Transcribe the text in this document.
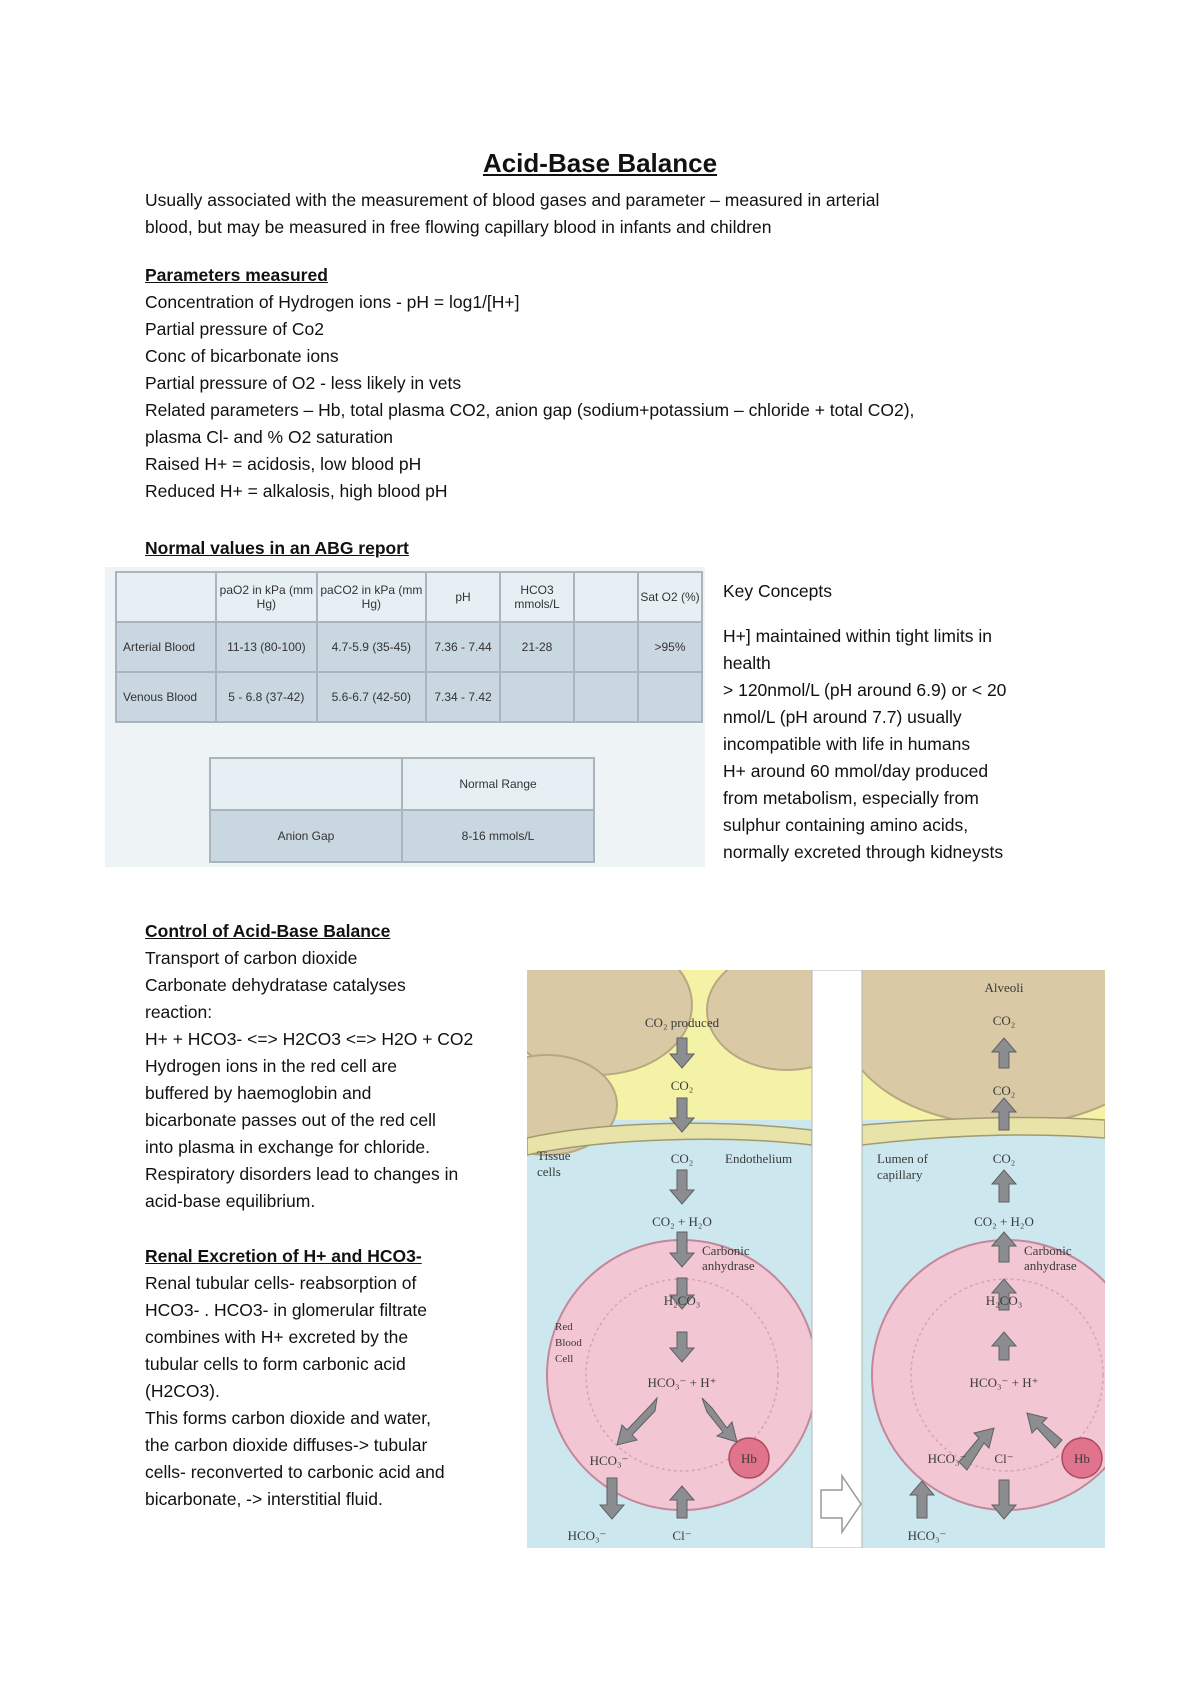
Acid-Base Balance

Usually associated with the measurement of blood gases and parameter – measured in arterial
blood, but may be measured in free flowing capillary blood in infants and children

Parameters measured
Concentration of Hydrogen ions - pH = log1/[H+]
Partial pressure of Co2
Conc of bicarbonate ions
Partial pressure of O2 - less likely in vets
Related parameters – Hb, total plasma CO2, anion gap (sodium+potassium – chloride + total CO2),
plasma Cl- and % O2 saturation
Raised H+ = acidosis, low blood pH
Reduced H+ = alkalosis, high blood pH

Normal values in an ABG report

	paO2 in kPa (mm Hg)	paCO2 in kPa (mm Hg)	pH	HCO3 mmols/L		Sat O2 (%)
Arterial Blood	11-13 (80-100)	4.7-5.9 (35-45)	7.36 - 7.44	21-28		>95%
Venous Blood	5 - 6.8 (37-42)	5.6-6.7 (42-50)	7.34 - 7.42			
	Normal Range
Anion Gap	8-16 mmols/L

Key Concepts
H+] maintained within tight limits in
health
> 120nmol/L (pH around 6.9) or < 20
nmol/L (pH around 7.7) usually
incompatible with life in humans
H+ around 60 mmol/day produced
from metabolism, especially from
sulphur containing amino acids,
normally excreted through kidneysts

Control of Acid-Base Balance
Transport of carbon dioxide
Carbonate dehydratase catalyses
reaction:
H+ + HCO3- <=> H2CO3 <=> H2O + CO2
Hydrogen ions in the red cell are
buffered by haemoglobin and
bicarbonate passes out of the red cell
into plasma in exchange for chloride.
Respiratory disorders lead to changes in
acid-base equilibrium.

Renal Excretion of H+ and HCO3-
Renal tubular cells- reabsorption of
HCO3- . HCO3- in glomerular filtrate
combines with H+ excreted by the
tubular cells to form carbonic acid
(H2CO3).
This forms carbon dioxide and water,
the carbon dioxide diffuses-> tubular
cells- reconverted to carbonic acid and
bicarbonate, -> interstitial fluid.

CO₂ produced
CO₂
CO₂
Tissue
cells
Endothelium
CO₂ + H₂O
Carbonic
anhydrase
H₂CO₃
HCO₃⁻ + H⁺
Red
Blood
Cell
HCO₃⁻	Hb
HCO₃⁻	Cl⁻
Alveoli
CO₂
CO₂
CO₂
Lumen of
capillary
CO₂ + H₂O
Carbonic
anhydrase
H₂CO₃
HCO₃⁻ + H⁺
HCO₃⁻ Cl⁻	Hb
HCO₃⁻
